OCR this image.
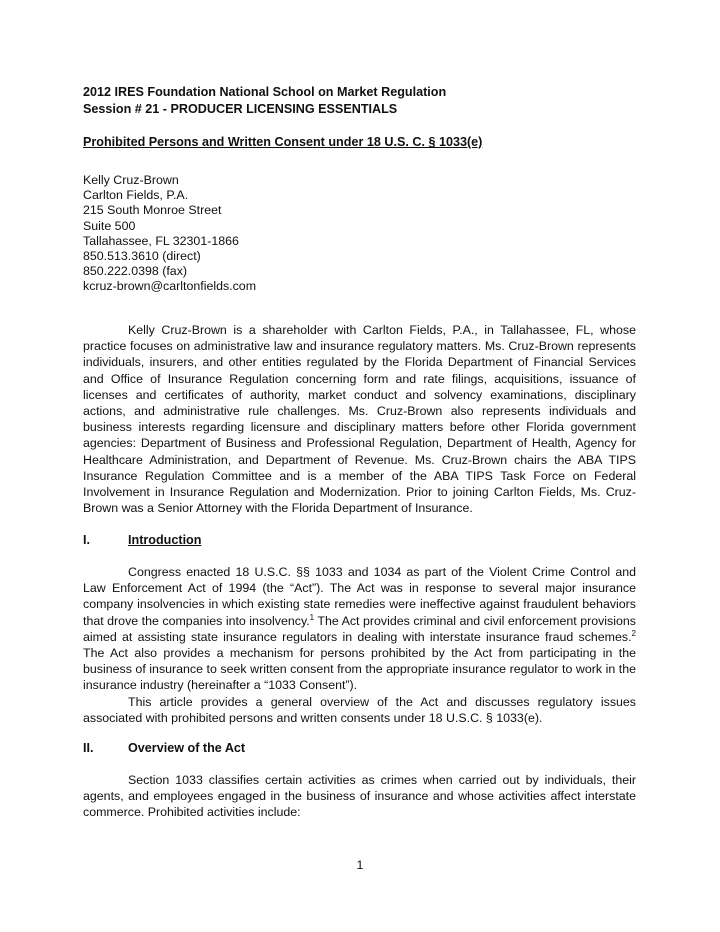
2012 IRES Foundation National School on Market Regulation
Session # 21 - PRODUCER LICENSING ESSENTIALS
Prohibited Persons and Written Consent under 18 U.S. C. § 1033(e)
Kelly Cruz-Brown
Carlton Fields, P.A.
215 South Monroe Street
Suite 500
Tallahassee, FL 32301-1866
850.513.3610 (direct)
850.222.0398 (fax)
kcruz-brown@carltonfields.com

Kelly Cruz-Brown is a shareholder with Carlton Fields, P.A., in Tallahassee, FL, whose practice focuses on administrative law and insurance regulatory matters. Ms. Cruz-Brown represents individuals, insurers, and other entities regulated by the Florida Department of Financial Services and Office of Insurance Regulation concerning form and rate filings, acquisitions, issuance of licenses and certificates of authority, market conduct and solvency examinations, disciplinary actions, and administrative rule challenges. Ms. Cruz-Brown also represents individuals and business interests regarding licensure and disciplinary matters before other Florida government agencies: Department of Business and Professional Regulation, Department of Health, Agency for Healthcare Administration, and Department of Revenue. Ms. Cruz-Brown chairs the ABA TIPS Insurance Regulation Committee and is a member of the ABA TIPS Task Force on Federal Involvement in Insurance Regulation and Modernization. Prior to joining Carlton Fields, Ms. Cruz-Brown was a Senior Attorney with the Florida Department of Insurance.

I.	Introduction

Congress enacted 18 U.S.C. §§ 1033 and 1034 as part of the Violent Crime Control and Law Enforcement Act of 1994 (the “Act”). The Act was in response to several major insurance company insolvencies in which existing state remedies were ineffective against fraudulent behaviors that drove the companies into insolvency.$^1$ The Act provides criminal and civil enforcement provisions aimed at assisting state insurance regulators in dealing with interstate insurance fraud schemes.$^2$ The Act also provides a mechanism for persons prohibited by the Act from participating in the business of insurance to seek written consent from the appropriate insurance regulator to work in the insurance industry (hereinafter a “1033 Consent”).

This article provides a general overview of the Act and discusses regulatory issues associated with prohibited persons and written consents under 18 U.S.C. § 1033(e).

II.	Overview of the Act

Section 1033 classifies certain activities as crimes when carried out by individuals, their agents, and employees engaged in the business of insurance and whose activities affect interstate commerce. Prohibited activities include:

1
